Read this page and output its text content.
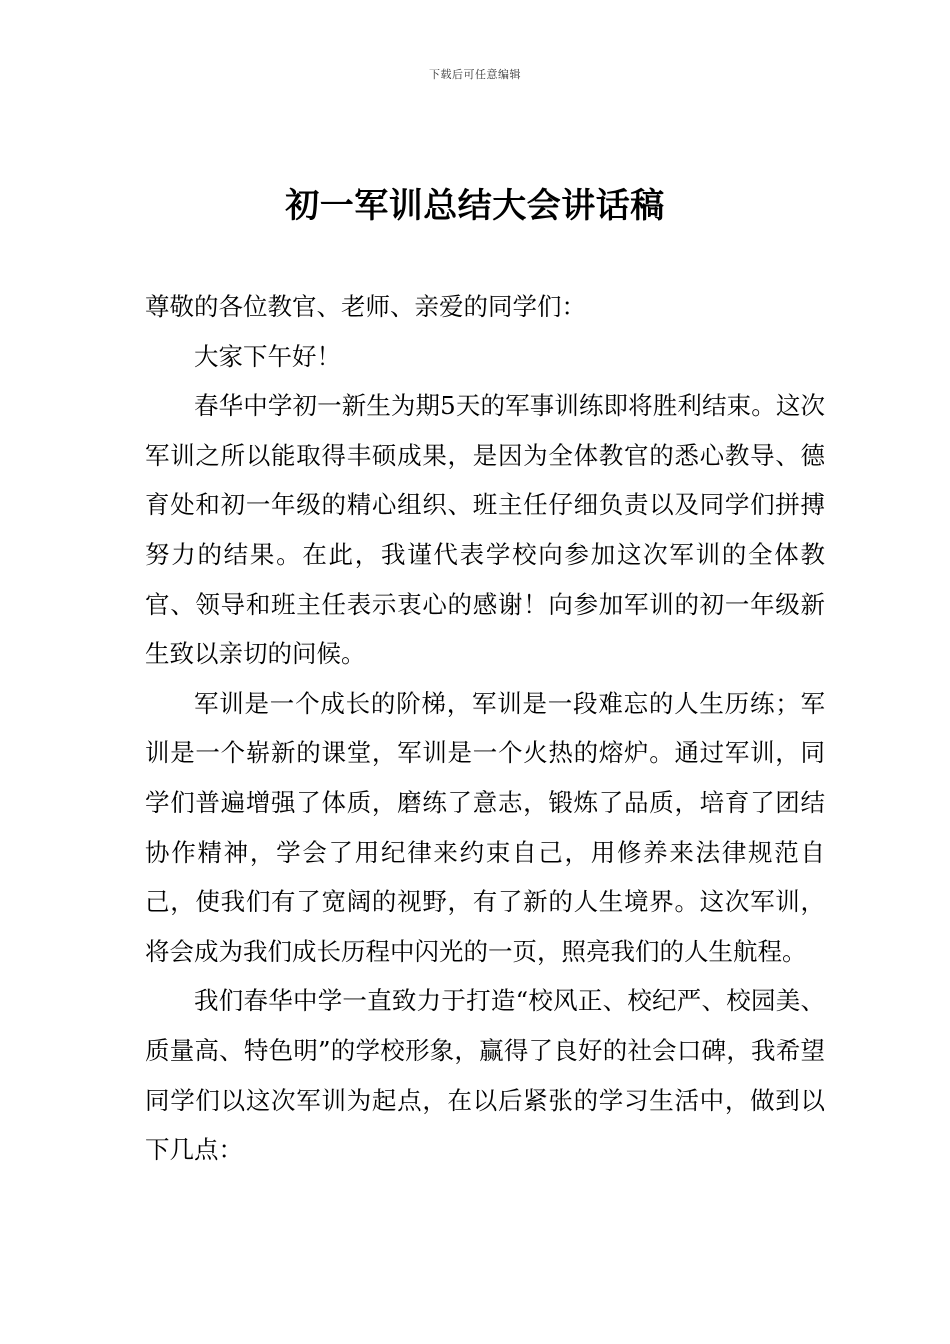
下载后可任意编辑
初一军训总结大会讲话稿

尊敬的各位教官、老师、亲爱的同学们：

大家下午好！

春华中学初一新生为期5天的军事训练即将胜利结束。这次军训之所以能取得丰硕成果，是因为全体教官的悉心教导、德育处和初一年级的精心组织、班主任仔细负责以及同学们拼搏努力的结果。在此，我谨代表学校向参加这次军训的全体教官、领导和班主任表示衷心的感谢！向参加军训的初一年级新生致以亲切的问候。

军训是一个成长的阶梯，军训是一段难忘的人生历练；军训是一个崭新的课堂，军训是一个火热的熔炉。通过军训，同学们普遍增强了体质，磨练了意志，锻炼了品质，培育了团结协作精神，学会了用纪律来约束自己，用修养来法律规范自己，使我们有了宽阔的视野，有了新的人生境界。这次军训，将会成为我们成长历程中闪光的一页，照亮我们的人生航程。

我们春华中学一直致力于打造“校风正、校纪严、校园美、质量高、特色明”的学校形象，赢得了良好的社会口碑，我希望同学们以这次军训为起点，在以后紧张的学习生活中，做到以下几点：
